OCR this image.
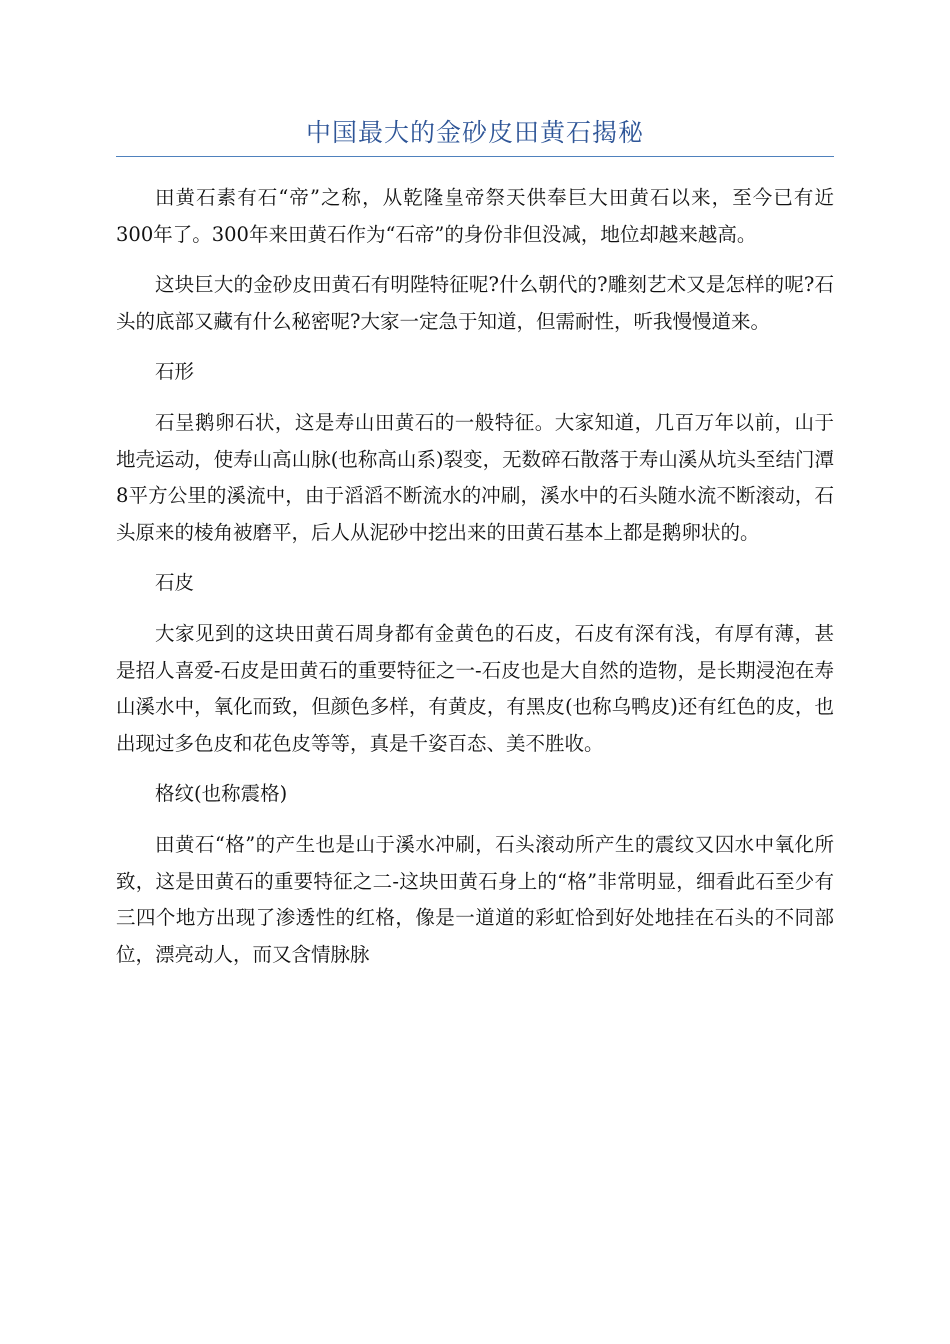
中国最大的金砂皮田黄石揭秘

田黄石素有石“帝”之称，从乾隆皇帝祭天供奉巨大田黄石以来，至今已有近300年了。300年来田黄石作为“石帝”的身份非但没减，地位却越来越高。

这块巨大的金砂皮田黄石有明陛特征呢?什么朝代的?雕刻艺术又是怎样的呢?石头的底部又藏有什么秘密呢?大家一定急于知道，但需耐性，听我慢慢道来。

石形

石呈鹅卵石状，这是寿山田黄石的一般特征。大家知道，几百万年以前，山于地壳运动，使寿山高山脉(也称高山系)裂变，无数碎石散落于寿山溪从坑头至结门潭8平方公里的溪流中，由于滔滔不断流水的冲刷，溪水中的石头随水流不断滚动，石头原来的棱角被磨平，后人从泥砂中挖出来的田黄石基本上都是鹅卵状的。

石皮

大家见到的这块田黄石周身都有金黄色的石皮，石皮有深有浅，有厚有薄，甚是招人喜爱-石皮是田黄石的重要特征之一-石皮也是大自然的造物，是长期浸泡在寿山溪水中，氧化而致，但颜色多样，有黄皮，有黑皮(也称乌鸭皮)还有红色的皮，也出现过多色皮和花色皮等等，真是千姿百态、美不胜收。

格纹(也称震格)

田黄石“格”的产生也是山于溪水冲刷，石头滚动所产生的震纹又囚水中氧化所致，这是田黄石的重要特征之二-这块田黄石身上的“格”非常明显，细看此石至少有三四个地方出现了渗透性的红格，像是一道道的彩虹恰到好处地挂在石头的不同部位，漂亮动人，而又含情脉脉
